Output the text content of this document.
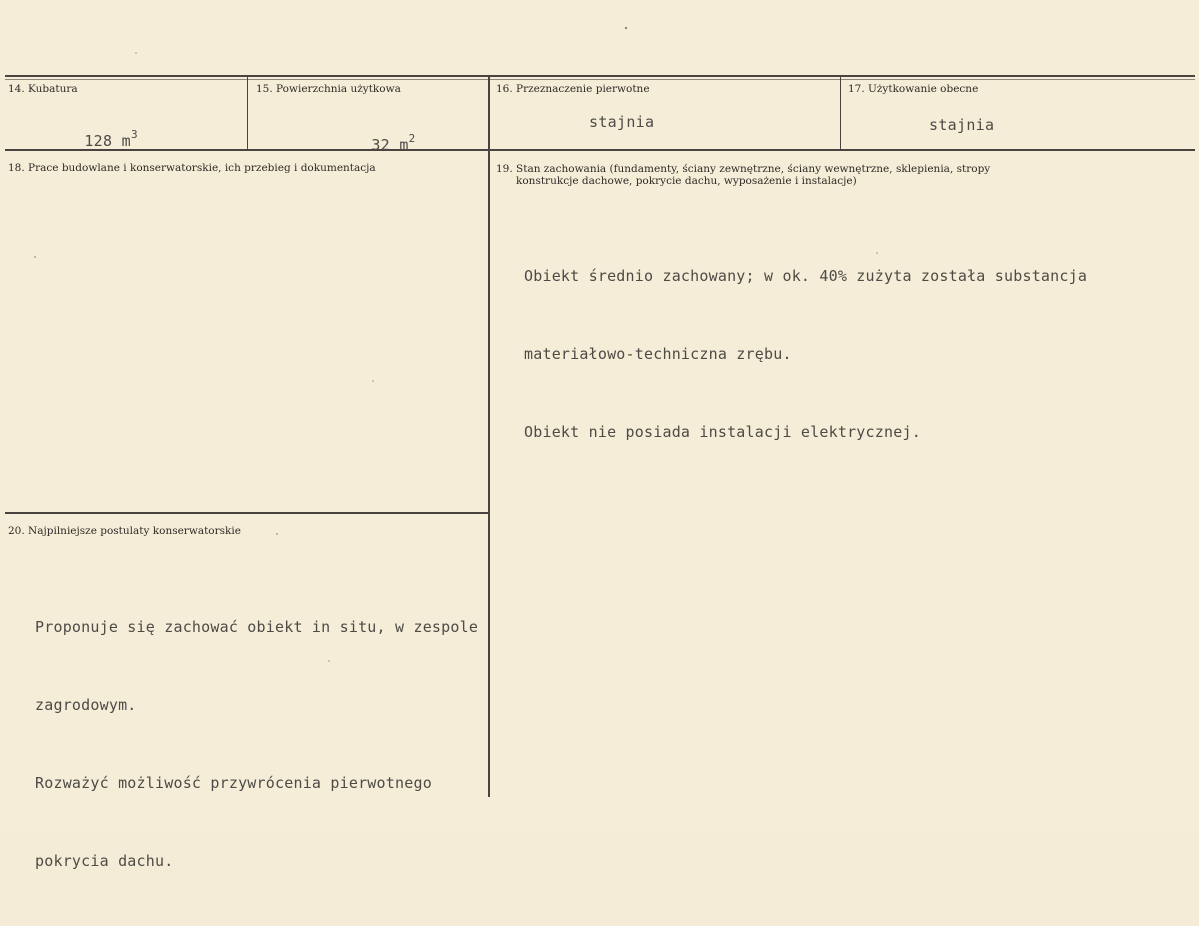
14. Kubatura

128 $m^3$

15. Powierzchnia użytkowa

32 $m^2$

16. Przeznaczenie pierwotne
stajnia
17. Użytkowanie obecne
stajnia
18. Prace budowlane i konserwatorskie, ich przebieg i dokumentacja	19. Stan zachowania (fundamenty, ściany zewnętrzne, ściany wewnętrzne, sklepienia, stropy
konstrukcje dachowe, pokrycie dachu, wyposażenie i instalacje)

Obiekt średnio zachowany; w ok. 40% zużyta została substancja

materiałowo-techniczna zrębu.

Obiekt nie posiada instalacji elektrycznej.

20. Najpilniejsze postulaty konserwatorskie

Proponuje się zachować obiekt in situ, w zespole

zagrodowym.

Rozważyć możliwość przywrócenia pierwotnego

pokrycia dachu.
